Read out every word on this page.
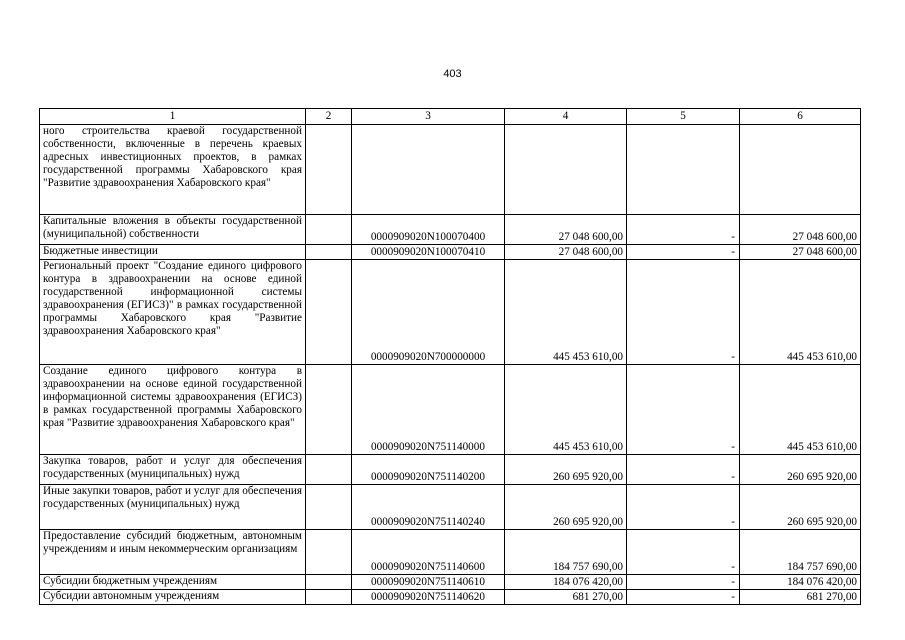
403
1	2	3	4	5	6
ного строительства краевой государственной собственности, включенные в перечень краевых адресных инвестиционных проектов, в рамках государственной программы Хабаровского края "Развитие здравоохранения Хабаровского края"					
Капитальные вложения в объекты государственной (муниципальной) собственности		0000909020N100070400	27 048 600,00	-	27 048 600,00
Бюджетные инвестиции		0000909020N100070410	27 048 600,00	-	27 048 600,00
Региональный проект "Создание единого цифрового контура в здравоохранении на основе единой государственной информационной системы здравоохранения (ЕГИСЗ)" в рамках государственной программы Хабаровского края "Развитие здравоохранения Хабаровского края"		0000909020N700000000	445 453 610,00	-	445 453 610,00
Создание единого цифрового контура в здравоохранении на основе единой государственной информационной системы здравоохранения (ЕГИСЗ) в рамках государственной программы Хабаровского края "Развитие здравоохранения Хабаровского края"		0000909020N751140000	445 453 610,00	-	445 453 610,00
Закупка товаров, работ и услуг для обеспечения государственных (муниципальных) нужд		0000909020N751140200	260 695 920,00	-	260 695 920,00
Иные закупки товаров, работ и услуг для обеспечения государственных (муниципальных) нужд		0000909020N751140240	260 695 920,00	-	260 695 920,00
Предоставление субсидий бюджетным, автономным учреждениям и иным некоммерческим организациям		0000909020N751140600	184 757 690,00	-	184 757 690,00
Субсидии бюджетным учреждениям		0000909020N751140610	184 076 420,00	-	184 076 420,00
Субсидии автономным учреждениям		0000909020N751140620	681 270,00	-	681 270,00
